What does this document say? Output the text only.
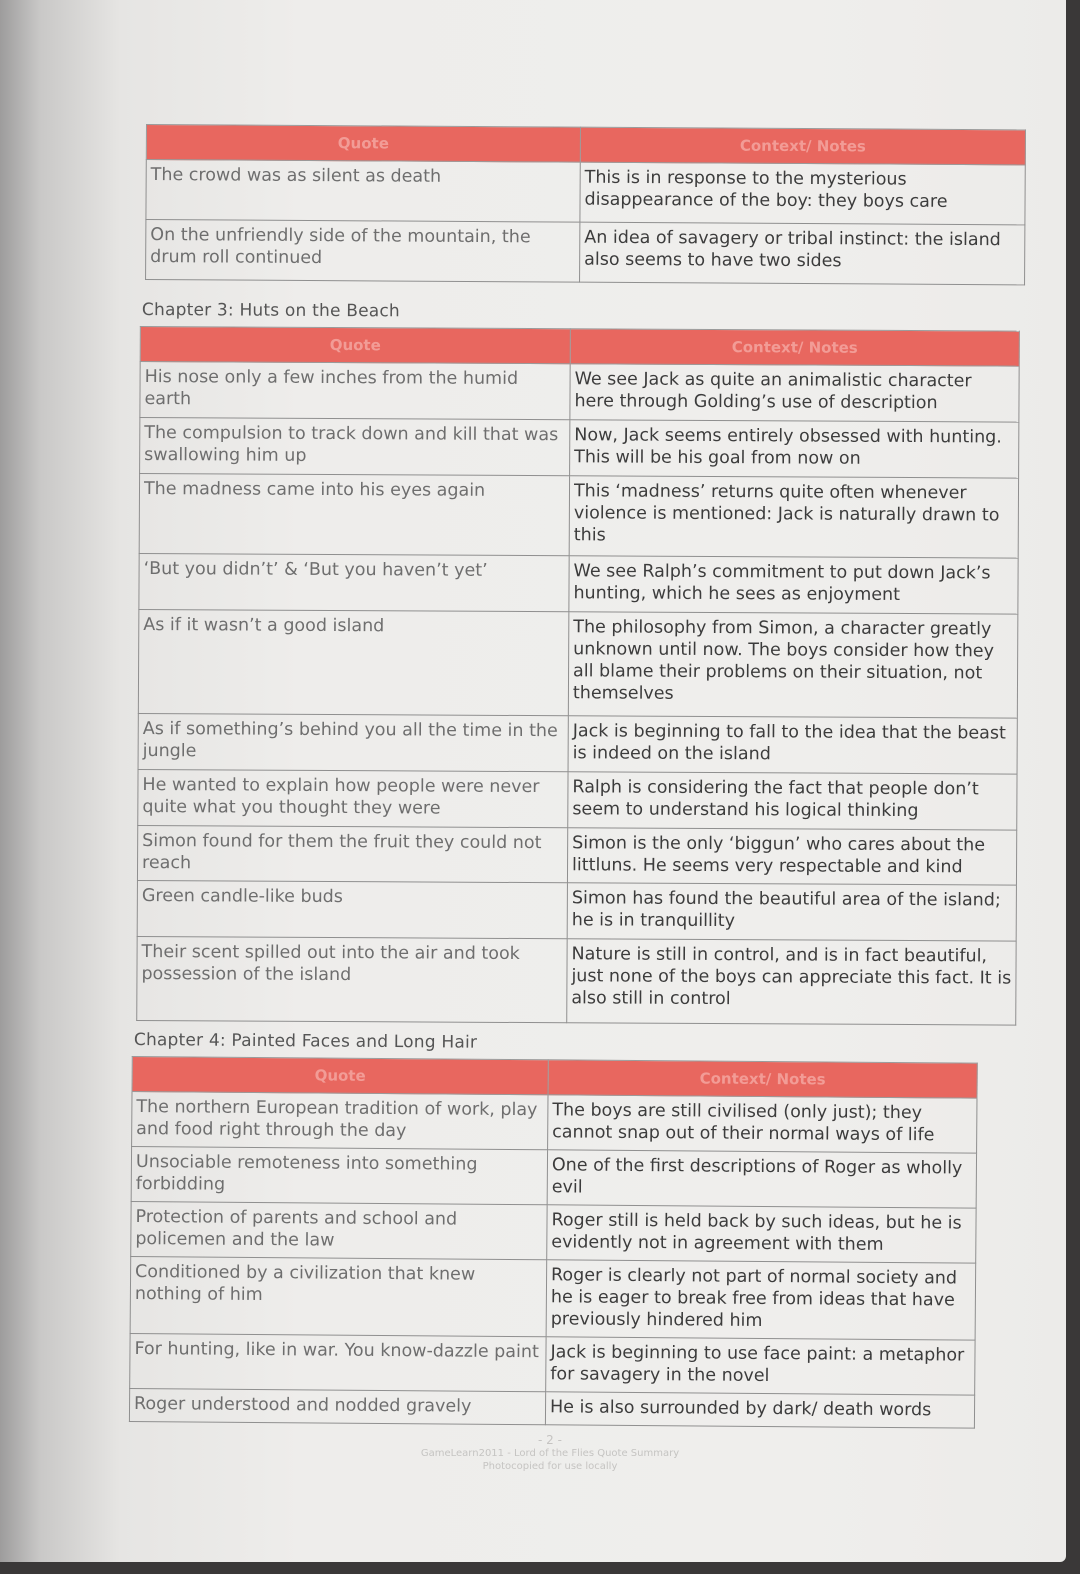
Quote	Context/ Notes
The crowd was as silent as death	This is in response to the mysterious disappearance of the boy: they boys care
On the unfriendly side of the mountain, the drum roll continued	An idea of savagery or tribal instinct: the island also seems to have two sides
Chapter 3: Huts on the Beach
Quote	Context/ Notes
His nose only a few inches from the humid earth	We see Jack as quite an animalistic character here through Golding’s use of description
The compulsion to track down and kill that was swallowing him up	Now, Jack seems entirely obsessed with hunting. This will be his goal from now on
The madness came into his eyes again	This ‘madness’ returns quite often whenever violence is mentioned: Jack is naturally drawn to this
‘But you didn’t’ & ‘But you haven’t yet’	We see Ralph’s commitment to put down Jack’s hunting, which he sees as enjoyment
As if it wasn’t a good island	The philosophy from Simon, a character greatly unknown until now. The boys consider how they all blame their problems on their situation, not themselves
As if something’s behind you all the time in the jungle	Jack is beginning to fall to the idea that the beast is indeed on the island
He wanted to explain how people were never quite what you thought they were	Ralph is considering the fact that people don’t seem to understand his logical thinking
Simon found for them the fruit they could not reach	Simon is the only ‘biggun’ who cares about the littluns. He seems very respectable and kind
Green candle-like buds	Simon has found the beautiful area of the island; he is in tranquillity
Their scent spilled out into the air and took possession of the island	Nature is still in control, and is in fact beautiful, just none of the boys can appreciate this fact. It is also still in control
Chapter 4: Painted Faces and Long Hair
Quote	Context/ Notes
The northern European tradition of work, play and food right through the day	The boys are still civilised (only just); they cannot snap out of their normal ways of life
Unsociable remoteness into something forbidding	One of the first descriptions of Roger as wholly evil
Protection of parents and school and policemen and the law	Roger still is held back by such ideas, but he is evidently not in agreement with them
Conditioned by a civilization that knew nothing of him	Roger is clearly not part of normal society and he is eager to break free from ideas that have previously hindered him
For hunting, like in war. You know-dazzle paint	Jack is beginning to use face paint: a metaphor for savagery in the novel
Roger understood and nodded gravely	He is also surrounded by dark/ death words
- 2 -
GameLearn2011 - Lord of the Flies Quote Summary
Photocopied for use locally
